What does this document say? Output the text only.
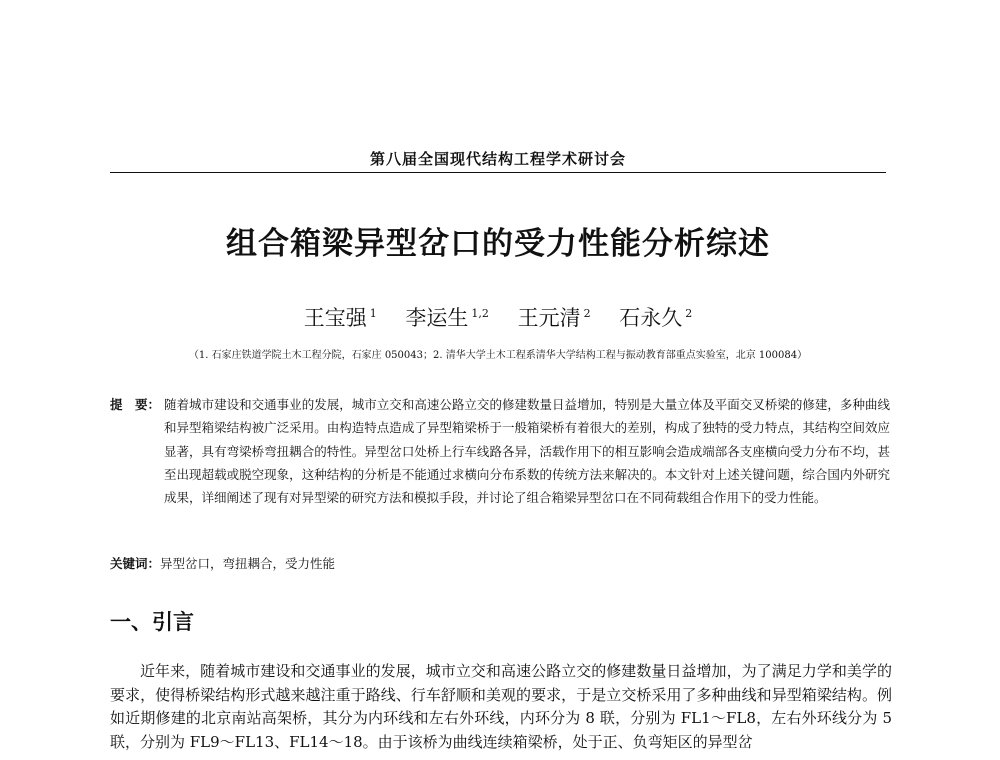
第八届全国现代结构工程学术研讨会
组合箱梁异型岔口的受力性能分析综述
王宝强 $^1$ 李运生 $^{1,2}$ 王元清 $^2$ 石永久 $^2$
（1. 石家庄铁道学院土木工程分院，石家庄 050043；2. 清华大学土木工程系清华大学结构工程与振动教育部重点实验室，北京 100084）
提　要： 随着城市建设和交通事业的发展，城市立交和高速公路立交的修建数量日益增加，特别是大量立体及平面交叉桥梁的修建，多种曲线和异型箱梁结构被广泛采用。由构造特点造成了异型箱梁桥于一般箱梁桥有着很大的差别，构成了独特的受力特点，其结构空间效应显著，具有弯梁桥弯扭耦合的特性。异型岔口处桥上行车线路各异，活载作用下的相互影响会造成端部各支座横向受力分布不均，甚至出现超载或脱空现象，这种结构的分析是不能通过求横向分布系数的传统方法来解决的。本文针对上述关键问题，综合国内外研究成果，详细阐述了现有对异型梁的研究方法和模拟手段，并讨论了组合箱梁异型岔口在不同荷载组合作用下的受力性能。
关键词：异型岔口，弯扭耦合，受力性能
一、引言
近年来，随着城市建设和交通事业的发展，城市立交和高速公路立交的修建数量日益增加，为了满足力学和美学的要求，使得桥梁结构形式越来越注重于路线、行车舒顺和美观的要求，于是立交桥采用了多种曲线和异型箱梁结构。例如近期修建的北京南站高架桥，其分为内环线和左右外环线，内环分为 8 联，分别为 FL1～FL8，左右外环线分为 5 联，分别为 FL9～FL13、FL14～18。由于该桥为曲线连续箱梁桥，处于正、负弯矩区的异型岔
